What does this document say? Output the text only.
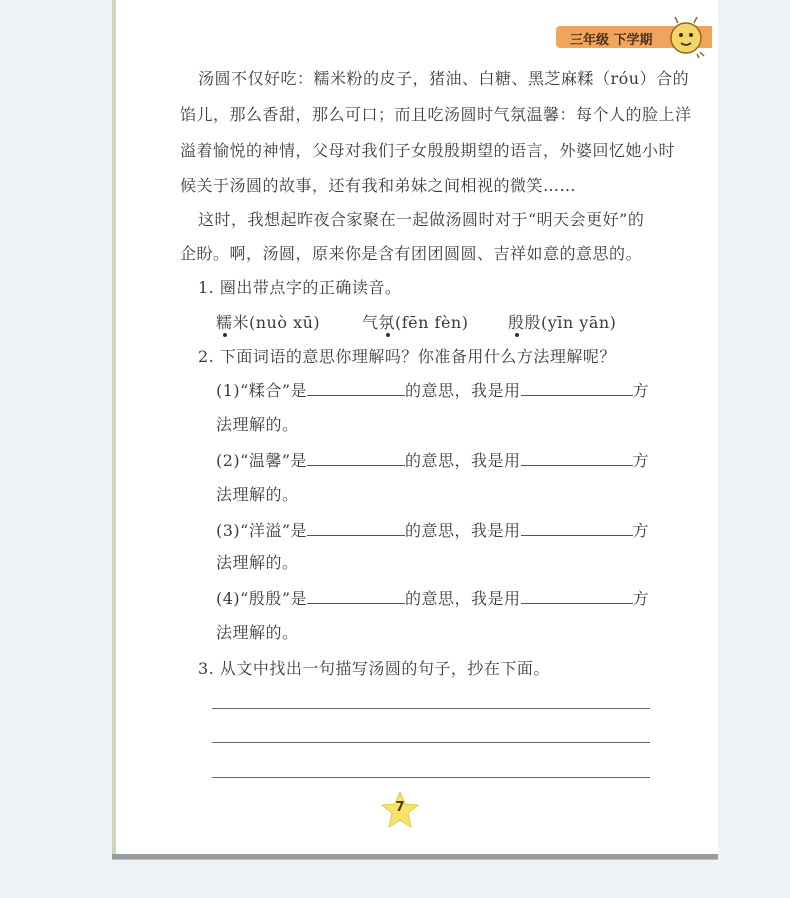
三年级 下学期
汤圆不仅好吃：糯米粉的皮子，猪油、白糖、黑芝麻糅（róu）合的
馅儿，那么香甜，那么可口；而且吃汤圆时气氛温馨：每个人的脸上洋
溢着愉悦的神情，父母对我们子女殷殷期望的语言，外婆回忆她小时
候关于汤圆的故事，还有我和弟妹之间相视的微笑……
这时，我想起昨夜合家聚在一起做汤圆时对于“明天会更好”的
企盼。啊，汤圆，原来你是含有团团圆圆、吉祥如意的意思的。
1. 圈出带点字的正确读音。
糯米(nuò xū)	气氛(fēn fèn) 殷殷(yīn yān)
2. 下面词语的意思你理解吗？你准备用什么方法理解呢？
(1)“糅合”是	的意思，我是用	方
法理解的。
(2)“温馨”是	的意思，我是用	方
法理解的。
(3)“洋溢”是	的意思，我是用	方
法理解的。
(4)“殷殷”是	的意思，我是用	方
法理解的。
3. 从文中找出一句描写汤圆的句子，抄在下面。
7
